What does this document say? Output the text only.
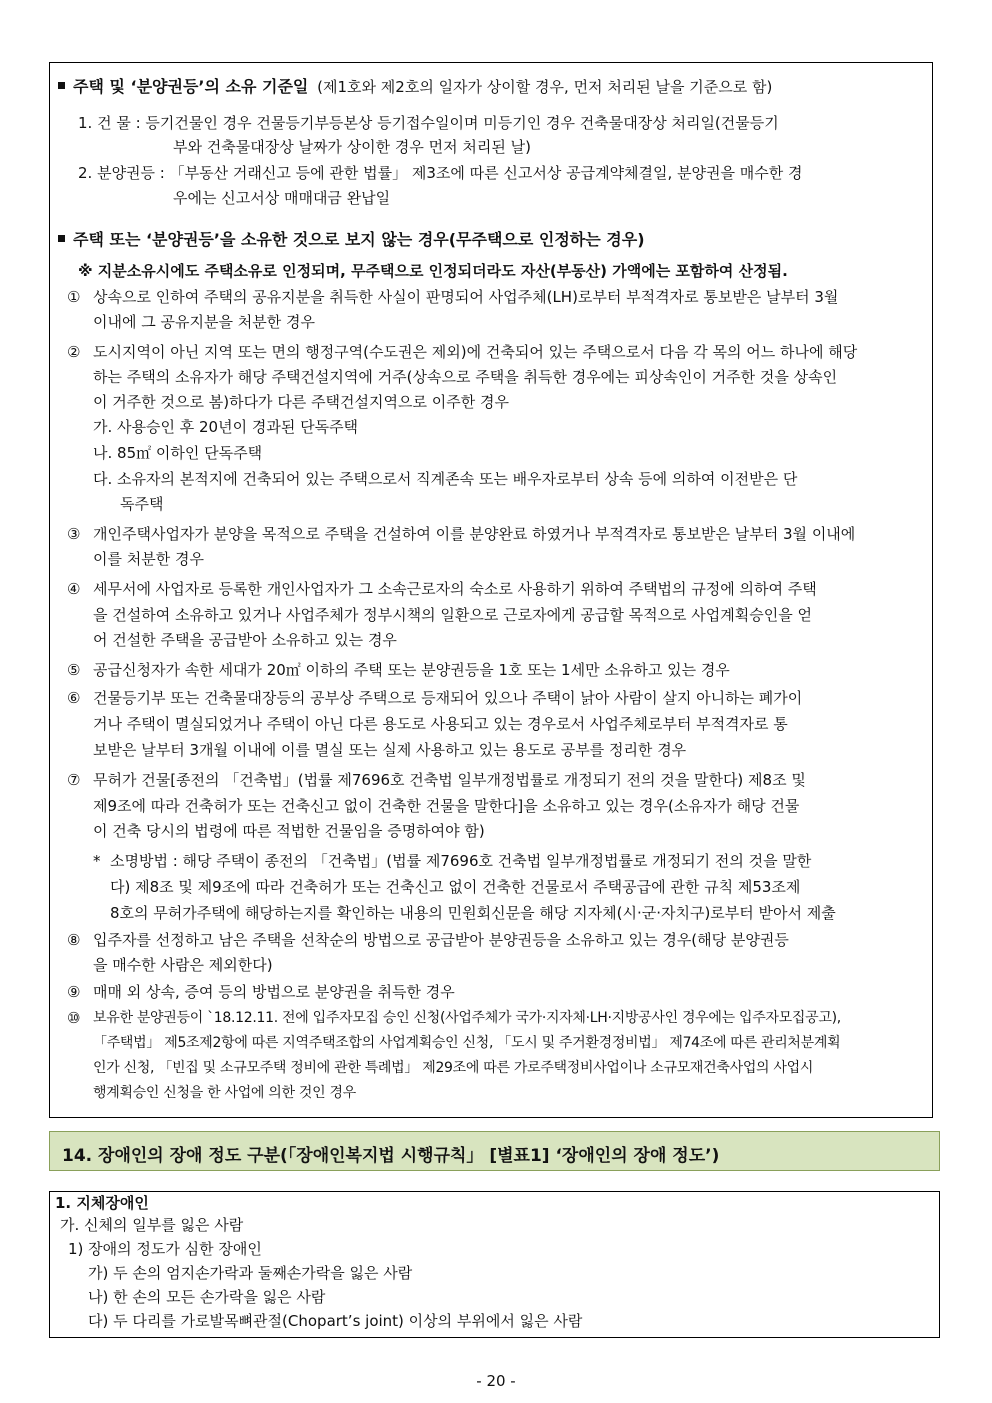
주택 및 ‘분양권등’의 소유 기준일 (제1호와 제2호의 일자가 상이할 경우, 먼저 처리된 날을 기준으로 함)
1. 건 물 : 등기건물인 경우 건물등기부등본상 등기접수일이며 미등기인 경우 건축물대장상 처리일(건물등기
부와 건축물대장상 날짜가 상이한 경우 먼저 처리된 날)
2. 분양권등 : 「부동산 거래신고 등에 관한 법률」 제3조에 따른 신고서상 공급계약체결일, 분양권을 매수한 경
우에는 신고서상 매매대금 완납일
주택 또는 ‘분양권등’을 소유한 것으로 보지 않는 경우(무주택으로 인정하는 경우)
※ 지분소유시에도 주택소유로 인정되며, 무주택으로 인정되더라도 자산(부동산) 가액에는 포함하여 산정됨.
① 상속으로 인하여 주택의 공유지분을 취득한 사실이 판명되어 사업주체(LH)로부터 부적격자로 통보받은 날부터 3월
이내에 그 공유지분을 처분한 경우
② 도시지역이 아닌 지역 또는 면의 행정구역(수도권은 제외)에 건축되어 있는 주택으로서 다음 각 목의 어느 하나에 해당
하는 주택의 소유자가 해당 주택건설지역에 거주(상속으로 주택을 취득한 경우에는 피상속인이 거주한 것을 상속인
이 거주한 것으로 봄)하다가 다른 주택건설지역으로 이주한 경우
가. 사용승인 후 20년이 경과된 단독주택
나. 85㎡ 이하인 단독주택
다. 소유자의 본적지에 건축되어 있는 주택으로서 직계존속 또는 배우자로부터 상속 등에 의하여 이전받은 단
독주택
③ 개인주택사업자가 분양을 목적으로 주택을 건설하여 이를 분양완료 하였거나 부적격자로 통보받은 날부터 3월 이내에
이를 처분한 경우
④ 세무서에 사업자로 등록한 개인사업자가 그 소속근로자의 숙소로 사용하기 위하여 주택법의 규정에 의하여 주택
을 건설하여 소유하고 있거나 사업주체가 정부시책의 일환으로 근로자에게 공급할 목적으로 사업계획승인을 얻
어 건설한 주택을 공급받아 소유하고 있는 경우
⑤ 공급신청자가 속한 세대가 20㎡ 이하의 주택 또는 분양권등을 1호 또는 1세만 소유하고 있는 경우
⑥ 건물등기부 또는 건축물대장등의 공부상 주택으로 등재되어 있으나 주택이 낡아 사람이 살지 아니하는 폐가이
거나 주택이 멸실되었거나 주택이 아닌 다른 용도로 사용되고 있는 경우로서 사업주체로부터 부적격자로 통
보받은 날부터 3개월 이내에 이를 멸실 또는 실제 사용하고 있는 용도로 공부를 정리한 경우
⑦ 무허가 건물[종전의 「건축법」(법률 제7696호 건축법 일부개정법률로 개정되기 전의 것을 말한다) 제8조 및
제9조에 따라 건축허가 또는 건축신고 없이 건축한 건물을 말한다]을 소유하고 있는 경우(소유자가 해당 건물
이 건축 당시의 법령에 따른 적법한 건물임을 증명하여야 함)
* 소명방법 : 해당 주택이 종전의 「건축법」(법률 제7696호 건축법 일부개정법률로 개정되기 전의 것을 말한
다) 제8조 및 제9조에 따라 건축허가 또는 건축신고 없이 건축한 건물로서 주택공급에 관한 규칙 제53조제
8호의 무허가주택에 해당하는지를 확인하는 내용의 민원회신문을 해당 지자체(시·군·자치구)로부터 받아서 제출
⑧ 입주자를 선정하고 남은 주택을 선착순의 방법으로 공급받아 분양권등을 소유하고 있는 경우(해당 분양권등
을 매수한 사람은 제외한다)
⑨ 매매 외 상속, 증여 등의 방법으로 분양권을 취득한 경우
⑩ 보유한 분양권등이 `18.12.11. 전에 입주자모집 승인 신청(사업주체가 국가·지자체·LH·지방공사인 경우에는 입주자모집공고),
「주택법」 제5조제2항에 따른 지역주택조합의 사업계획승인 신청, 「도시 및 주거환경정비법」 제74조에 따른 관리처분계획
인가 신청, 「빈집 및 소규모주택 정비에 관한 특례법」 제29조에 따른 가로주택정비사업이나 소규모재건축사업의 사업시
행계획승인 신청을 한 사업에 의한 것인 경우
14. 장애인의 장애 정도 구분(「장애인복지법 시행규칙」 [별표1] ‘장애인의 장애 정도’)
1. 지체장애인
가. 신체의 일부를 잃은 사람
1) 장애의 정도가 심한 장애인
가) 두 손의 엄지손가락과 둘째손가락을 잃은 사람
나) 한 손의 모든 손가락을 잃은 사람
다) 두 다리를 가로발목뼈관절(Chopart’s joint) 이상의 부위에서 잃은 사람
- 20 -
